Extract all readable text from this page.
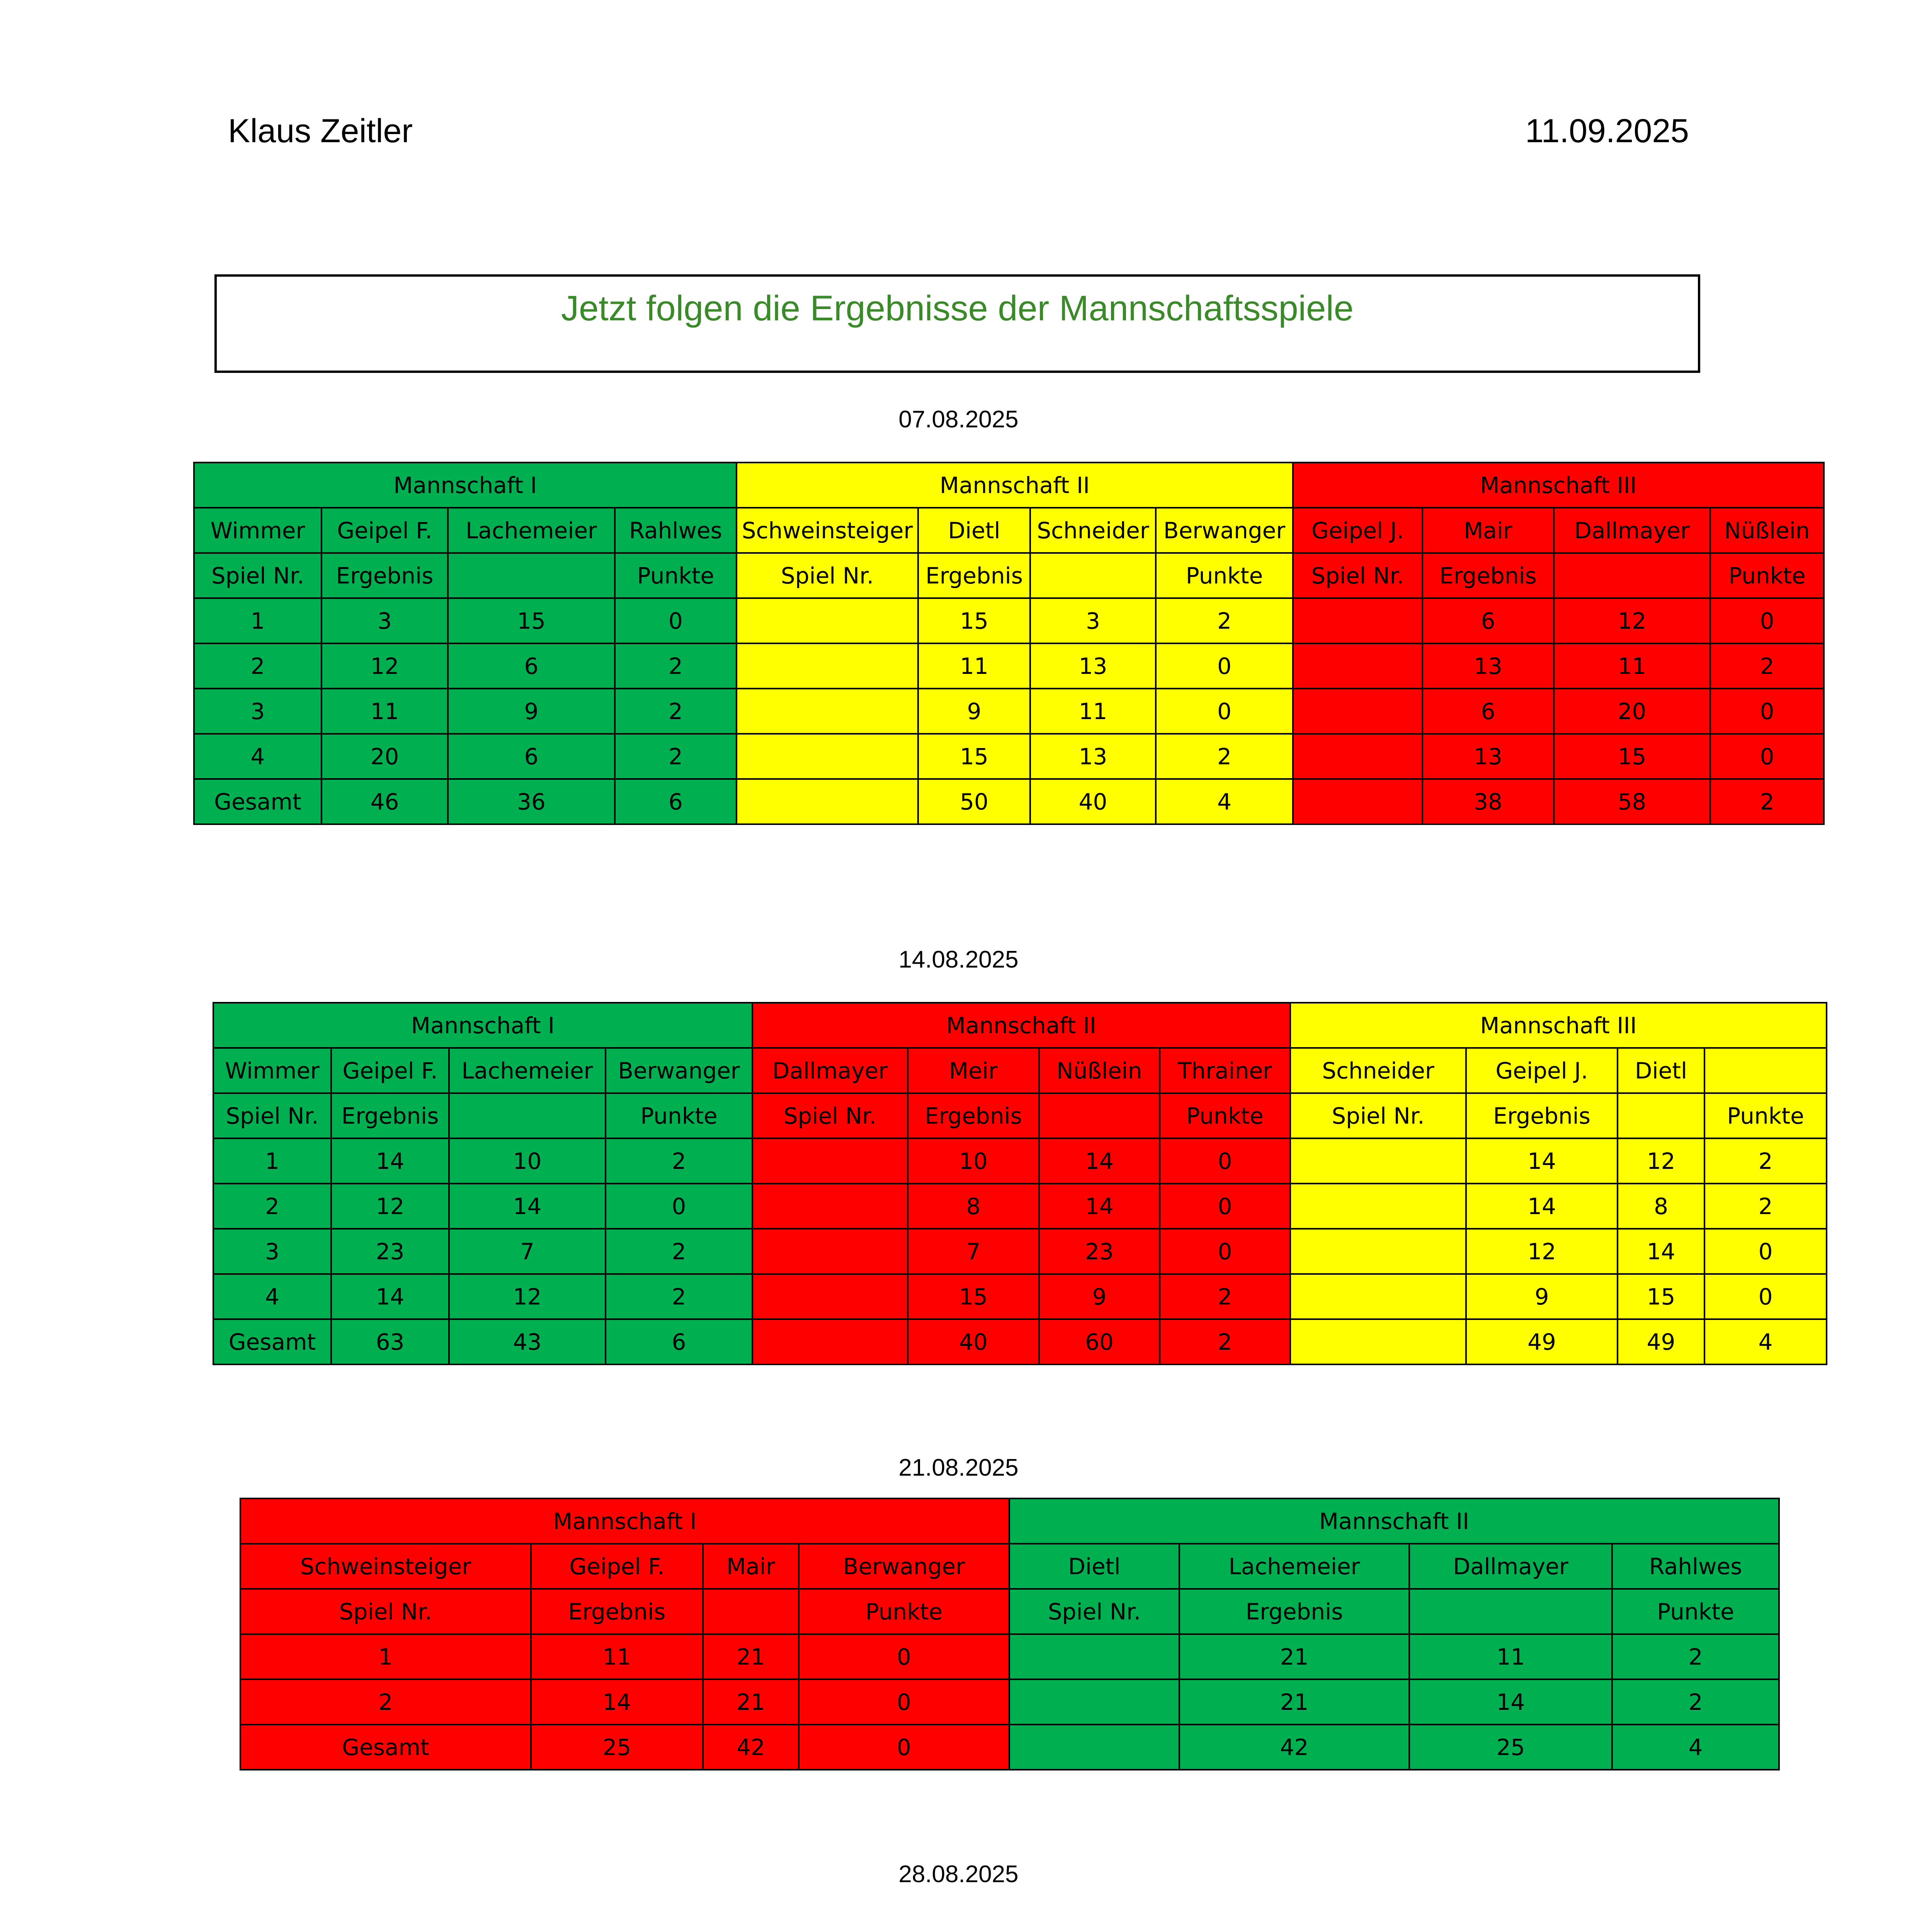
Klaus Zeitler	11.09.2025
Jetzt folgen die Ergebnisse der Mannschaftsspiele
07.08.2025
Mannschaft I				Mannschaft II				Mannschaft III			
Wimmer	Geipel F.	Lachemeier	Rahlwes	Schweinsteiger	Dietl	Schneider	Berwanger	Geipel J.	Mair	Dallmayer	Nüßlein
Spiel Nr.	Ergebnis		Punkte	Spiel Nr.	Ergebnis		Punkte	Spiel Nr.	Ergebnis		Punkte
1	3	15	0		15	3	2		6	12	0
2	12	6	2		11	13	0		13	11	2
3	11	9	2		9	11	0		6	20	0
4	20	6	2		15	13	2		13	15	0
Gesamt	46	36	6		50	40	4		38	58	2
14.08.2025
Mannschaft I				Mannschaft II				Mannschaft III			
Wimmer	Geipel F.	Lachemeier	Berwanger	Dallmayer	Meir	Nüßlein	Thrainer	Schneider	Geipel J.	Dietl	
Spiel Nr.	Ergebnis		Punkte	Spiel Nr.	Ergebnis		Punkte	Spiel Nr.	Ergebnis		Punkte
1	14	10	2		10	14	0		14	12	2
2	12	14	0		8	14	0		14	8	2
3	23	7	2		7	23	0		12	14	0
4	14	12	2		15	9	2		9	15	0
Gesamt	63	43	6		40	60	2		49	49	4
21.08.2025
Mannschaft I				Mannschaft II			
Schweinsteiger	Geipel F.	Mair	Berwanger	Dietl	Lachemeier	Dallmayer	Rahlwes
Spiel Nr.	Ergebnis		Punkte	Spiel Nr.	Ergebnis		Punkte
1	11	21	0		21	11	2
2	14	21	0		21	14	2
Gesamt	25	42	0		42	25	4
28.08.2025
